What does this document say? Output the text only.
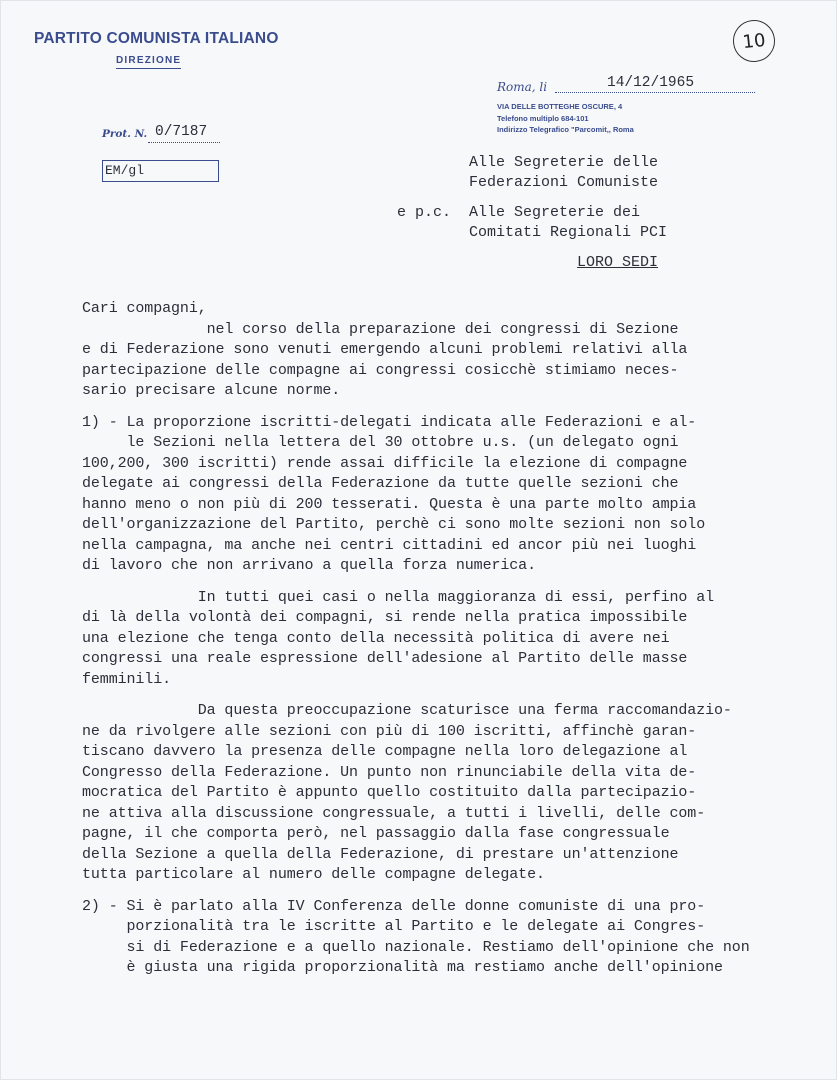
PARTITO COMUNISTA ITALIANO
DIREZIONE
10
Roma, li	14/12/1965
VIA DELLE BOTTEGHE OSCURE, 4
Telefono multiplo 684-101
Indirizzo Telegrafico "Parcomit,, Roma
Prot. N. 0/7187
EM/gl	Alle Segreterie delle
Federazioni Comuniste
e p.c. Alle Segreterie dei
Comitati Regionali PCI
LORO SEDI
Cari compagni,
nel corso della preparazione dei congressi di Sezione
e di Federazione sono venuti emergendo alcuni problemi relativi alla
partecipazione delle compagne ai congressi cosicchè stimiamo neces-
sario precisare alcune norme.
1) - La proporzione iscritti-delegati indicata alle Federazioni e al-
le Sezioni nella lettera del 30 ottobre u.s. (un delegato ogni
100,200, 300 iscritti) rende assai difficile la elezione di compagne
delegate ai congressi della Federazione da tutte quelle sezioni che
hanno meno o non più di 200 tesserati. Questa è una parte molto ampia
dell'organizzazione del Partito, perchè ci sono molte sezioni non solo
nella campagna, ma anche nei centri cittadini ed ancor più nei luoghi
di lavoro che non arrivano a quella forza numerica.
In tutti quei casi o nella maggioranza di essi, perfino al
di là della volontà dei compagni, si rende nella pratica impossibile
una elezione che tenga conto della necessità politica di avere nei
congressi una reale espressione dell'adesione al Partito delle masse
femminili.
Da questa preoccupazione scaturisce una ferma raccomandazio-
ne da rivolgere alle sezioni con più di 100 iscritti, affinchè garan-
tiscano davvero la presenza delle compagne nella loro delegazione al
Congresso della Federazione. Un punto non rinunciabile della vita de-
mocratica del Partito è appunto quello costituito dalla partecipazio-
ne attiva alla discussione congressuale, a tutti i livelli, delle com-
pagne, il che comporta però, nel passaggio dalla fase congressuale
della Sezione a quella della Federazione, di prestare un'attenzione
tutta particolare al numero delle compagne delegate.
2) - Si è parlato alla IV Conferenza delle donne comuniste di una pro-
porzionalità tra le iscritte al Partito e le delegate ai Congres-
si di Federazione e a quello nazionale. Restiamo dell'opinione che non
è giusta una rigida proporzionalità ma restiamo anche dell'opinione
